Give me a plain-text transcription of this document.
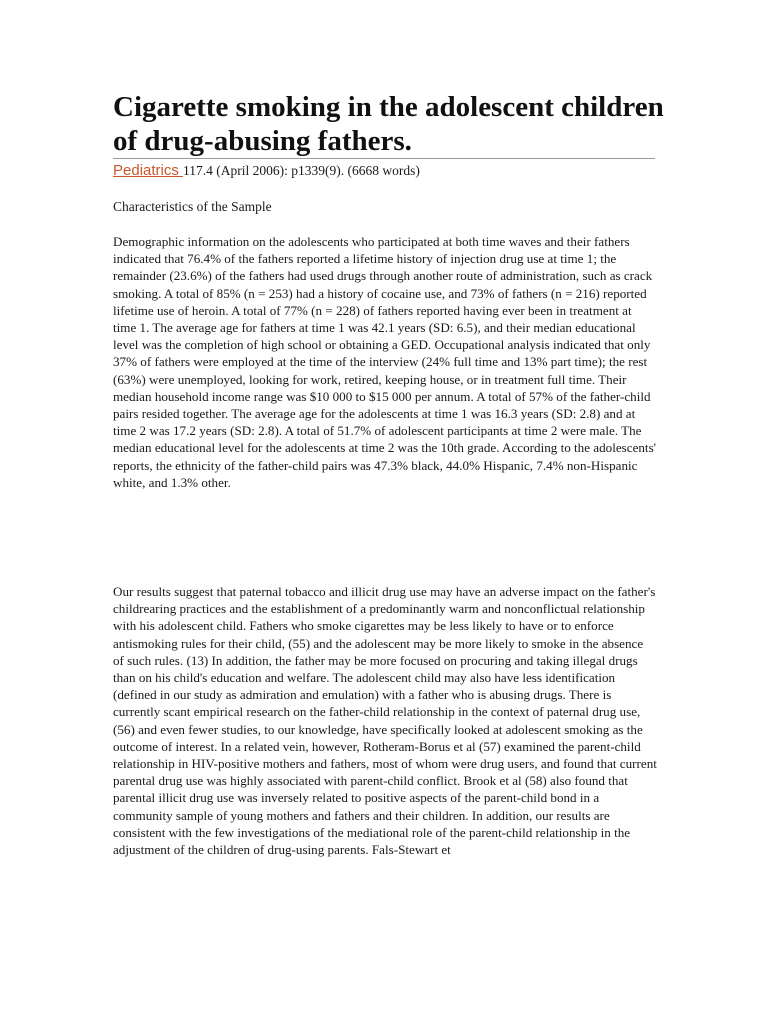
Cigarette smoking in the adolescent children of drug-abusing fathers.
Pediatrics 117.4 (April 2006): p1339(9). (6668 words)
Characteristics of the Sample

Demographic information on the adolescents who participated at both time waves and their fathers indicated that 76.4% of the fathers reported a lifetime history of injection drug use at time 1; the remainder (23.6%) of the fathers had used drugs through another route of administration, such as crack smoking. A total of 85% (n = 253) had a history of cocaine use, and 73% of fathers (n = 216) reported lifetime use of heroin. A total of 77% (n = 228) of fathers reported having ever been in treatment at time 1. The average age for fathers at time 1 was 42.1 years (SD: 6.5), and their median educational level was the completion of high school or obtaining a GED. Occupational analysis indicated that only 37% of fathers were employed at the time of the interview (24% full time and 13% part time); the rest (63%) were unemployed, looking for work, retired, keeping house, or in treatment full time. Their median household income range was $10 000 to $15 000 per annum. A total of 57% of the father-child pairs resided together. The average age for the adolescents at time 1 was 16.3 years (SD: 2.8) and at time 2 was 17.2 years (SD: 2.8). A total of 51.7% of adolescent participants at time 2 were male. The median educational level for the adolescents at time 2 was the 10th grade. According to the adolescents' reports, the ethnicity of the father-child pairs was 47.3% black, 44.0% Hispanic, 7.4% non-Hispanic white, and 1.3% other.

Our results suggest that paternal tobacco and illicit drug use may have an adverse impact on the father's childrearing practices and the establishment of a predominantly warm and nonconflictual relationship with his adolescent child. Fathers who smoke cigarettes may be less likely to have or to enforce antismoking rules for their child, (55) and the adolescent may be more likely to smoke in the absence of such rules. (13) In addition, the father may be more focused on procuring and taking illegal drugs than on his child's education and welfare. The adolescent child may also have less identification (defined in our study as admiration and emulation) with a father who is abusing drugs. There is currently scant empirical research on the father-child relationship in the context of paternal drug use, (56) and even fewer studies, to our knowledge, have specifically looked at adolescent smoking as the outcome of interest. In a related vein, however, Rotheram-Borus et al (57) examined the parent-child relationship in HIV-positive mothers and fathers, most of whom were drug users, and found that current parental drug use was highly associated with parent-child conflict. Brook et al (58) also found that parental illicit drug use was inversely related to positive aspects of the parent-child bond in a community sample of young mothers and fathers and their children. In addition, our results are consistent with the few investigations of the mediational role of the parent-child relationship in the adjustment of the children of drug-using parents. Fals-Stewart et
